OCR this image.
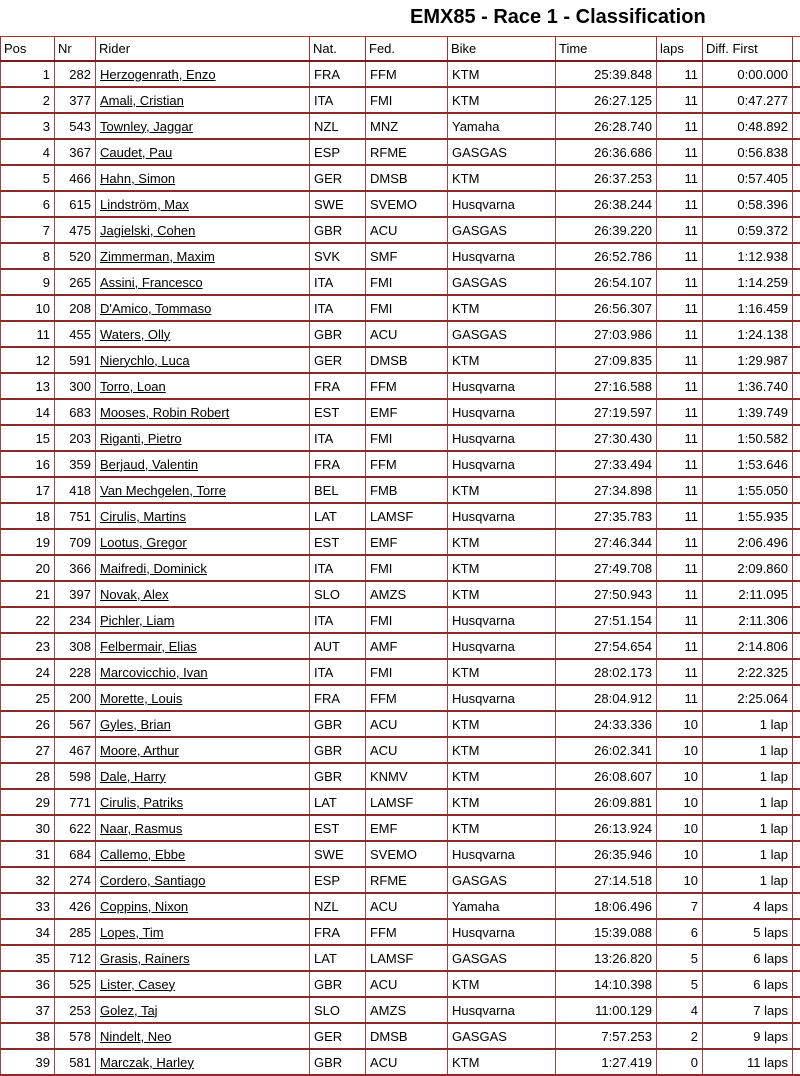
EMX85 - Race 1 - Classification
Pos	Nr	Rider	Nat.	Fed.	Bike	Time	laps	Diff. First	
1	282	Herzogenrath, Enzo	FRA	FFM	KTM	25:39.848	11	0:00.000	
2	377	Amali, Cristian	ITA	FMI	KTM	26:27.125	11	0:47.277	
3	543	Townley, Jaggar	NZL	MNZ	Yamaha	26:28.740	11	0:48.892	
4	367	Caudet, Pau	ESP	RFME	GASGAS	26:36.686	11	0:56.838	
5	466	Hahn, Simon	GER	DMSB	KTM	26:37.253	11	0:57.405	
6	615	Lindström, Max	SWE	SVEMO	Husqvarna	26:38.244	11	0:58.396	
7	475	Jagielski, Cohen	GBR	ACU	GASGAS	26:39.220	11	0:59.372	
8	520	Zimmerman, Maxim	SVK	SMF	Husqvarna	26:52.786	11	1:12.938	
9	265	Assini, Francesco	ITA	FMI	GASGAS	26:54.107	11	1:14.259	
10	208	D'Amico, Tommaso	ITA	FMI	KTM	26:56.307	11	1:16.459	
11	455	Waters, Olly	GBR	ACU	GASGAS	27:03.986	11	1:24.138	
12	591	Nierychlo, Luca	GER	DMSB	KTM	27:09.835	11	1:29.987	
13	300	Torro, Loan	FRA	FFM	Husqvarna	27:16.588	11	1:36.740	
14	683	Mooses, Robin Robert	EST	EMF	Husqvarna	27:19.597	11	1:39.749	
15	203	Riganti, Pietro	ITA	FMI	Husqvarna	27:30.430	11	1:50.582	
16	359	Berjaud, Valentin	FRA	FFM	Husqvarna	27:33.494	11	1:53.646	
17	418	Van Mechgelen, Torre	BEL	FMB	KTM	27:34.898	11	1:55.050	
18	751	Cirulis, Martins	LAT	LAMSF	Husqvarna	27:35.783	11	1:55.935	
19	709	Lootus, Gregor	EST	EMF	KTM	27:46.344	11	2:06.496	
20	366	Maifredi, Dominick	ITA	FMI	KTM	27:49.708	11	2:09.860	
21	397	Novak, Alex	SLO	AMZS	KTM	27:50.943	11	2:11.095	
22	234	Pichler, Liam	ITA	FMI	Husqvarna	27:51.154	11	2:11.306	
23	308	Felbermair, Elias	AUT	AMF	Husqvarna	27:54.654	11	2:14.806	
24	228	Marcovicchio, Ivan	ITA	FMI	KTM	28:02.173	11	2:22.325	
25	200	Morette, Louis	FRA	FFM	Husqvarna	28:04.912	11	2:25.064	
26	567	Gyles, Brian	GBR	ACU	KTM	24:33.336	10	1 lap	
27	467	Moore, Arthur	GBR	ACU	KTM	26:02.341	10	1 lap	
28	598	Dale, Harry	GBR	KNMV	KTM	26:08.607	10	1 lap	
29	771	Cirulis, Patriks	LAT	LAMSF	KTM	26:09.881	10	1 lap	
30	622	Naar, Rasmus	EST	EMF	KTM	26:13.924	10	1 lap	
31	684	Callemo, Ebbe	SWE	SVEMO	Husqvarna	26:35.946	10	1 lap	
32	274	Cordero, Santiago	ESP	RFME	GASGAS	27:14.518	10	1 lap	
33	426	Coppins, Nixon	NZL	ACU	Yamaha	18:06.496	7	4 laps	
34	285	Lopes, Tim	FRA	FFM	Husqvarna	15:39.088	6	5 laps	
35	712	Grasis, Rainers	LAT	LAMSF	GASGAS	13:26.820	5	6 laps	
36	525	Lister, Casey	GBR	ACU	KTM	14:10.398	5	6 laps	
37	253	Golez, Taj	SLO	AMZS	Husqvarna	11:00.129	4	7 laps	
38	578	Nindelt, Neo	GER	DMSB	GASGAS	7:57.253	2	9 laps	
39	581	Marczak, Harley	GBR	ACU	KTM	1:27.419	0	11 laps	
